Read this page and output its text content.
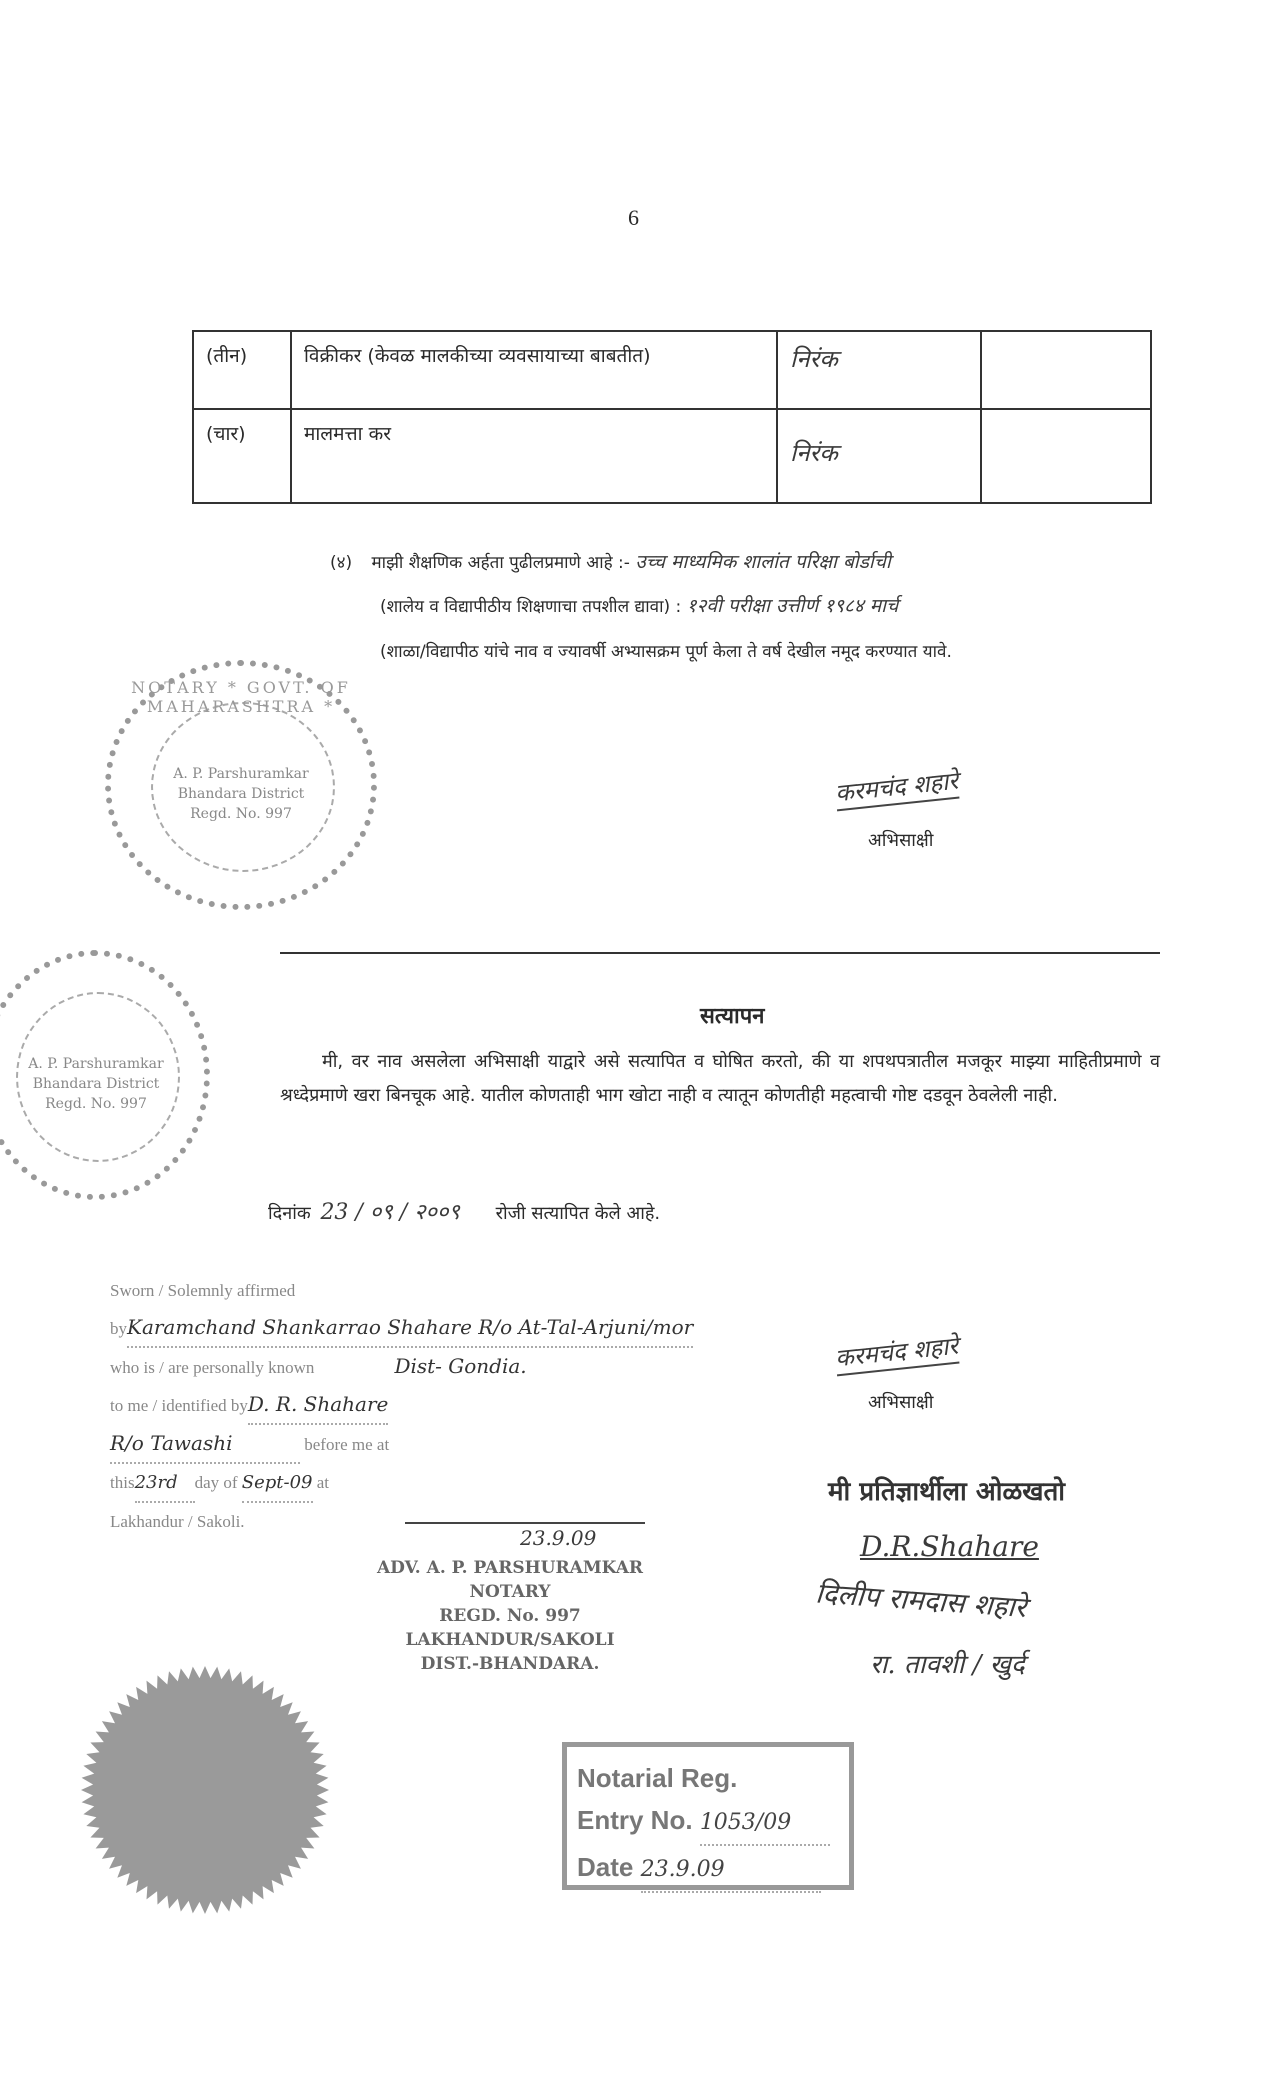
6
(तीन)	विक्रीकर (केवळ मालकीच्या व्यवसायाच्या बाबतीत)	निरंक	
(चार)	मालमत्ता कर	निरंक	
(४) माझी शैक्षणिक अर्हता पुढीलप्रमाणे आहे :- उच्च माध्यमिक शालांत परिक्षा बोर्डाची
(शालेय व विद्यापीठीय शिक्षणाचा तपशील द्यावा) : १२वी परीक्षा उत्तीर्ण १९८४ मार्च
(शाळा/विद्यापीठ यांचे नाव व ज्यावर्षी अभ्यासक्रम पूर्ण केला ते वर्ष देखील नमूद करण्यात यावे.
NOTARY * GOVT. OF MAHARASHTRA *
A. P. Parshuramkar
Bhandara District
Regd. No. 997
करमचंद शहारे
अभिसाक्षी
A. P. Parshuramkar
Bhandara District
Regd. No. 997
सत्यापन
मी, वर नाव असलेला अभिसाक्षी याद्वारे असे सत्यापित व घोषित करतो, की या शपथपत्रातील मजकूर माझ्या माहितीप्रमाणे व श्रध्देप्रमाणे खरा बिनचूक आहे. यातील कोणताही भाग खोटा नाही व त्यातून कोणतीही महत्वाची गोष्ट दडवून ठेवलेली नाही.
दिनांक 23 / ०९ / २००९ रोजी सत्यापित केले आहे.
Sworn / Solemnly affirmed
byKaramchand Shankarrao Shahare R/o At-Tal-Arjuni/mor
who is / are personally known	Dist- Gondia.
to me / identified byD. R. Shahare
R/o Tawashi	before me at
this23rd day of Sept-09 at
Lakhandur / Sakoli.
करमचंद शहारे
अभिसाक्षी
23.9.09
ADV. A. P. PARSHURAMKAR
NOTARY
REGD. No. 997
LAKHANDUR/SAKOLI
DIST.-BHANDARA.
मी प्रतिज्ञार्थीला ओळखतो
D.R.Shahare
दिलीप रामदास शहारे
रा. तावशी / खुर्द
Notarial Reg.
Entry No. 1053/09
Date 23.9.09
